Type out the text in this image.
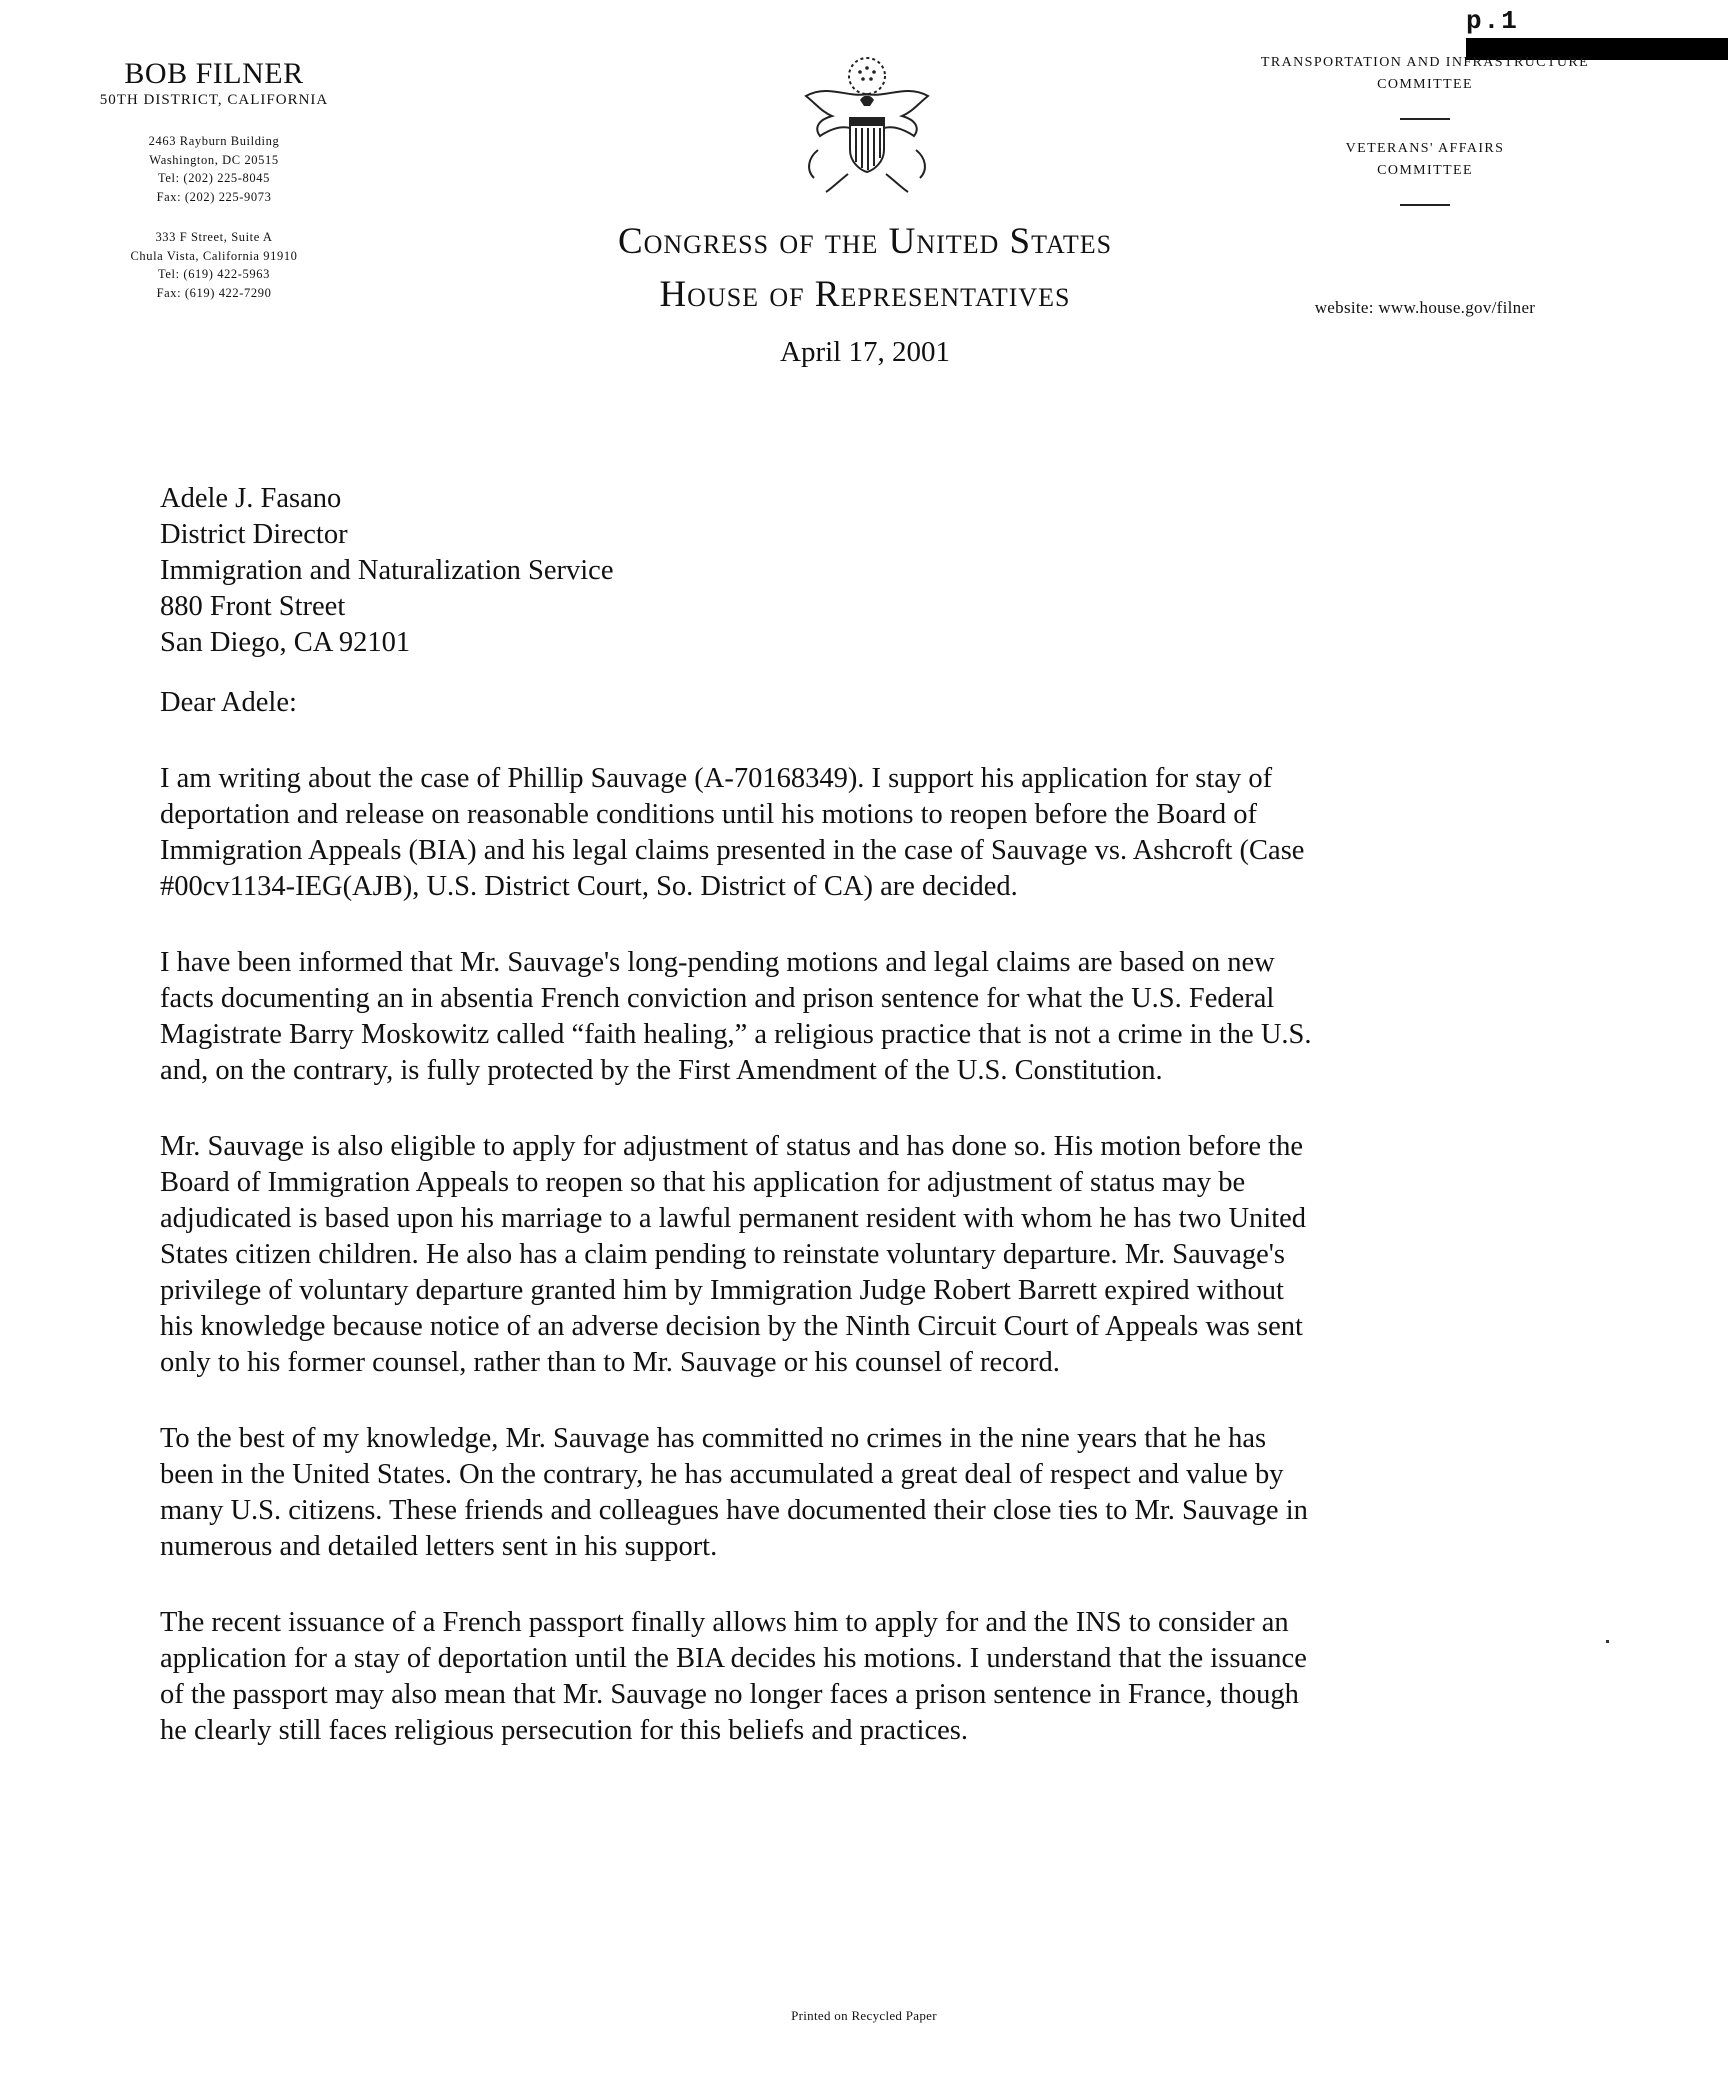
p.1
BOB FILNER
50TH DISTRICT, CALIFORNIA
2463 Rayburn Building
Washington, DC 20515
Tel: (202) 225-8045
Fax: (202) 225-9073
333 F Street, Suite A
Chula Vista, California 91910
Tel: (619) 422-5963
Fax: (619) 422-7290
Congress of the United States
House of Representatives
April 17, 2001
TRANSPORTATION AND INFRASTRUCTURE
COMMITTEE
VETERANS' AFFAIRS
COMMITTEE
website: www.house.gov/filner
Adele J. Fasano
District Director
Immigration and Naturalization Service
880 Front Street
San Diego, CA 92101
Dear Adele:
I am writing about the case of Phillip Sauvage (A-70168349). I support his application for stay of
deportation and release on reasonable conditions until his motions to reopen before the Board of
Immigration Appeals (BIA) and his legal claims presented in the case of Sauvage vs. Ashcroft (Case
#00cv1134-IEG(AJB), U.S. District Court, So. District of CA) are decided.
I have been informed that Mr. Sauvage's long-pending motions and legal claims are based on new
facts documenting an in absentia French conviction and prison sentence for what the U.S. Federal
Magistrate Barry Moskowitz called “faith healing,” a religious practice that is not a crime in the U.S.
and, on the contrary, is fully protected by the First Amendment of the U.S. Constitution.
Mr. Sauvage is also eligible to apply for adjustment of status and has done so. His motion before the
Board of Immigration Appeals to reopen so that his application for adjustment of status may be
adjudicated is based upon his marriage to a lawful permanent resident with whom he has two United
States citizen children. He also has a claim pending to reinstate voluntary departure. Mr. Sauvage's
privilege of voluntary departure granted him by Immigration Judge Robert Barrett expired without
his knowledge because notice of an adverse decision by the Ninth Circuit Court of Appeals was sent
only to his former counsel, rather than to Mr. Sauvage or his counsel of record.
To the best of my knowledge, Mr. Sauvage has committed no crimes in the nine years that he has
been in the United States. On the contrary, he has accumulated a great deal of respect and value by
many U.S. citizens. These friends and colleagues have documented their close ties to Mr. Sauvage in
numerous and detailed letters sent in his support.
The recent issuance of a French passport finally allows him to apply for and the INS to consider an
application for a stay of deportation until the BIA decides his motions. I understand that the issuance
of the passport may also mean that Mr. Sauvage no longer faces a prison sentence in France, though
he clearly still faces religious persecution for this beliefs and practices.
Printed on Recycled Paper
